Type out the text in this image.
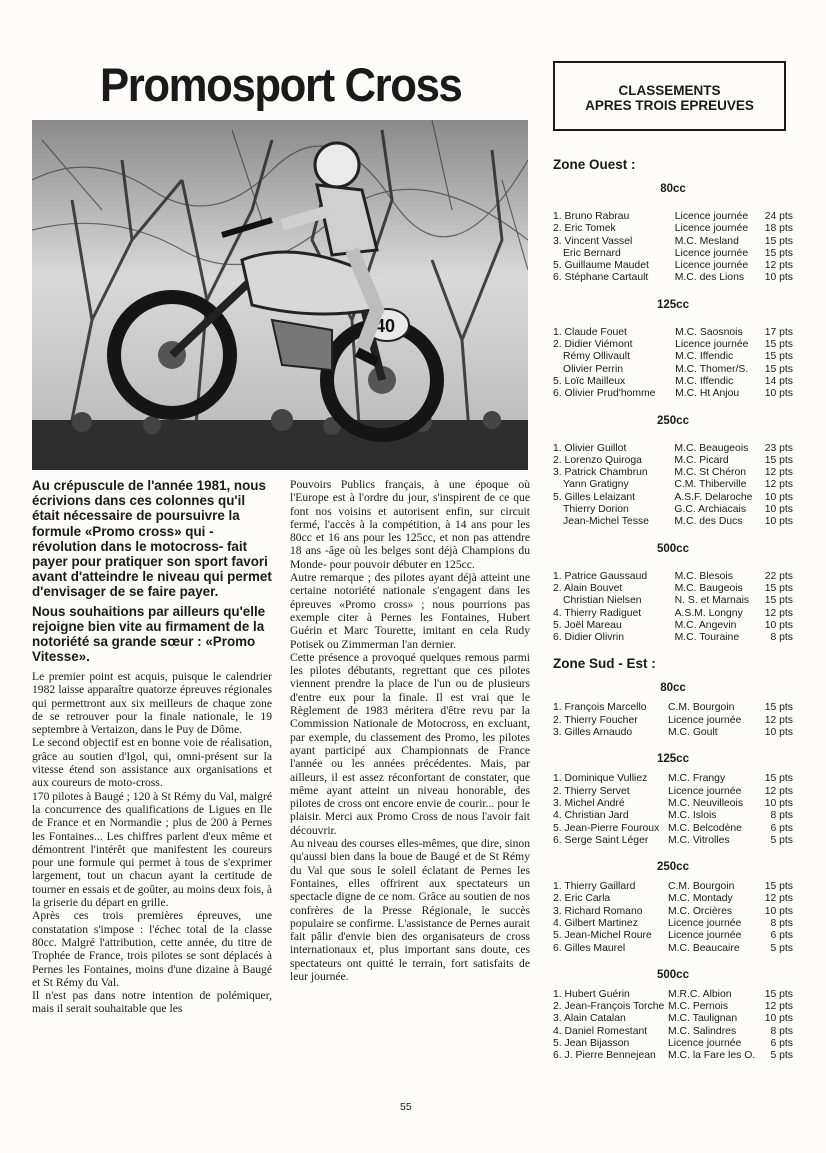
Promosport Cross
40

Au crépuscule de l'année 1981, nous écrivions dans ces colonnes qu'il était nécessaire de poursuivre la formule «Promo cross» qui -révolution dans le motocross- fait payer pour pratiquer son sport favori avant d'atteindre le niveau qui permet d'envisager de se faire payer.

Nous souhaitions par ailleurs qu'elle rejoigne bien vite au firmament de la notoriété sa grande sœur : «Promo Vitesse».

Le premier point est acquis, puisque le calendrier 1982 laisse apparaître quatorze épreuves régionales qui permettront aux six meilleurs de chaque zone de se retrouver pour la finale nationale, le 19 septembre à Vertaizon, dans le Puy de Dôme.

Le second objectif est en bonne voie de réalisation, grâce au soutien d'Igol, qui, omni-présent sur la vitesse étend son assistance aux organisations et aux coureurs de moto-cross.

170 pilotes à Baugé ; 120 à St Rémy du Val, malgré la concurrence des qualifications de Ligues en Ile de France et en Normandie ; plus de 200 à Pernes les Fontaines... Les chiffres parlent d'eux même et démontrent l'intérêt que manifestent les coureurs pour une formule qui permet à tous de s'exprimer largement, tout un chacun ayant la certitude de tourner en essais et de goûter, au moins deux fois, à la griserie du départ en grille.

Après ces trois premières épreuves, une constatation s'impose : l'échec total de la classe 80cc. Malgré l'attribution, cette année, du titre de Trophée de France, trois pilotes se sont déplacés à Pernes les Fontaines, moins d'une dizaine à Baugé et St Rémy du Val.

Il n'est pas dans notre intention de polémiquer, mais il serait souhaitable que les

Pouvoirs Publics français, à une époque où l'Europe est à l'ordre du jour, s'inspirent de ce que font nos voisins et autorisent enfin, sur circuit fermé, l'accès à la compétition, à 14 ans pour les 80cc et 16 ans pour les 125cc, et non pas attendre 18 ans -âge où les belges sont déjà Champions du Monde- pour pouvoir débuter en 125cc.

Autre remarque ; des pilotes ayant déjà atteint une certaine notoriété nationale s'engagent dans les épreuves «Promo cross» ; nous pourrions pas exemple citer à Pernes les Fontaines, Hubert Guérin et Marc Tourette, imitant en cela Rudy Potisek ou Zimmerman l'an dernier.

Cette présence a provoqué quelques remous parmi les pilotes débutants, regrettant que ces pilotes viennent prendre la place de l'un ou de plusieurs d'entre eux pour la finale. Il est vrai que le Règlement de 1983 méritera d'être revu par la Commission Nationale de Motocross, en excluant, par exemple, du classement des Promo, les pilotes ayant participé aux Championnats de France l'année ou les années précédentes. Mais, par ailleurs, il est assez réconfortant de constater, que même ayant atteint un niveau honorable, des pilotes de cross ont encore envie de courir... pour le plaisir. Merci aux Promo Cross de nous l'avoir fait découvrir.

Au niveau des courses elles-mêmes, que dire, sinon qu'aussi bien dans la boue de Baugé et de St Rémy du Val que sous le soleil éclatant de Pernes les Fontaines, elles offrirent aux spectateurs un spectacle digne de ce nom. Grâce au soutien de nos confrères de la Presse Régionale, le succès populaire se confirme. L'assistance de Pernes aurait fait pâlir d'envie bien des organisateurs de cross internationaux et, plus important sans doute, ces spectateurs ont quitté le terrain, fort satisfaits de leur journée.

CLASSEMENTS
APRES TROIS EPREUVES
Zone Ouest :
80cc
1. Bruno Rabrau	Licence journée	24 pts
2. Eric Tomek	Licence journée	18 pts
3. Vincent Vassel	M.C. Mesland	15 pts
Eric Bernard	Licence journée	15 pts
5. Guillaume Maudet	Licence journée	12 pts
6. Stéphane Cartault	M.C. des Lions	10 pts
125cc
1. Claude Fouet	M.C. Saosnois	17 pts
2. Didier Viémont	Licence journée	15 pts
Rémy Ollivault	M.C. Iffendic	15 pts
Olivier Perrin	M.C. Thomer/S.	15 pts
5. Loïc Mailleux	M.C. Iffendic	14 pts
6. Olivier Prud'homme	M.C. Ht Anjou	10 pts
250cc
1. Olivier Guillot	M.C. Beaugeois	23 pts
2. Lorenzo Quiroga	M.C. Picard	15 pts
3. Patrick Chambrun	M.C. St Chéron	12 pts
Yann Gratigny	C.M. Thiberville	12 pts
5. Gilles Lelaizant	A.S.F. Delaroche	10 pts
Thierry Dorion	G.C. Archiacais	10 pts
Jean-Michel Tesse	M.C. des Ducs	10 pts
500cc
1. Patrice Gaussaud	M.C. Blesois	22 pts
2. Alain Bouvet	M.C. Baugeois	15 pts
Christian Nielsen	N. S. et Marnais	15 pts
4. Thierry Radiguet	A.S.M. Longny	12 pts
5. Joël Mareau	M.C. Angevin	10 pts
6. Didier Olivrin	M.C. Touraine	8 pts
Zone Sud - Est :
80cc
1. François Marcello	C.M. Bourgoin	15 pts
2. Thierry Foucher	Licence journée	12 pts
3. Gilles Arnaudo	M.C. Goult	10 pts
125cc
1. Dominique Vulliez	M.C. Frangy	15 pts
2. Thierry Servet	Licence journée	12 pts
3. Michel André	M.C. Neuvilleois	10 pts
4. Christian Jard	M.C. Islois	8 pts
5. Jean-Pierre Fouroux	M.C. Belcodène	6 pts
6. Serge Saint Léger	M.C. Vitrolles	5 pts
250cc
1. Thierry Gaillard	C.M. Bourgoin	15 pts
2. Eric Carla	M.C. Montady	12 pts
3. Richard Romano	M.C. Orcières	10 pts
4. Gilbert Martinez	Licence journée	8 pts
5. Jean-Michel Roure	Licence journée	6 pts
6. Gilles Maurel	M.C. Beaucaire	5 pts
500cc
1. Hubert Guérin	M.R.C. Albion	15 pts
2. Jean-François Torche	M.C. Pernois	12 pts
3. Alain Catalan	M.C. Taulignan	10 pts
4. Daniel Romestant	M.C. Salindres	8 pts
5. Jean Bijasson	Licence journée	6 pts
6. J. Pierre Bennejean	M.C. la Fare les O.	5 pts
55
